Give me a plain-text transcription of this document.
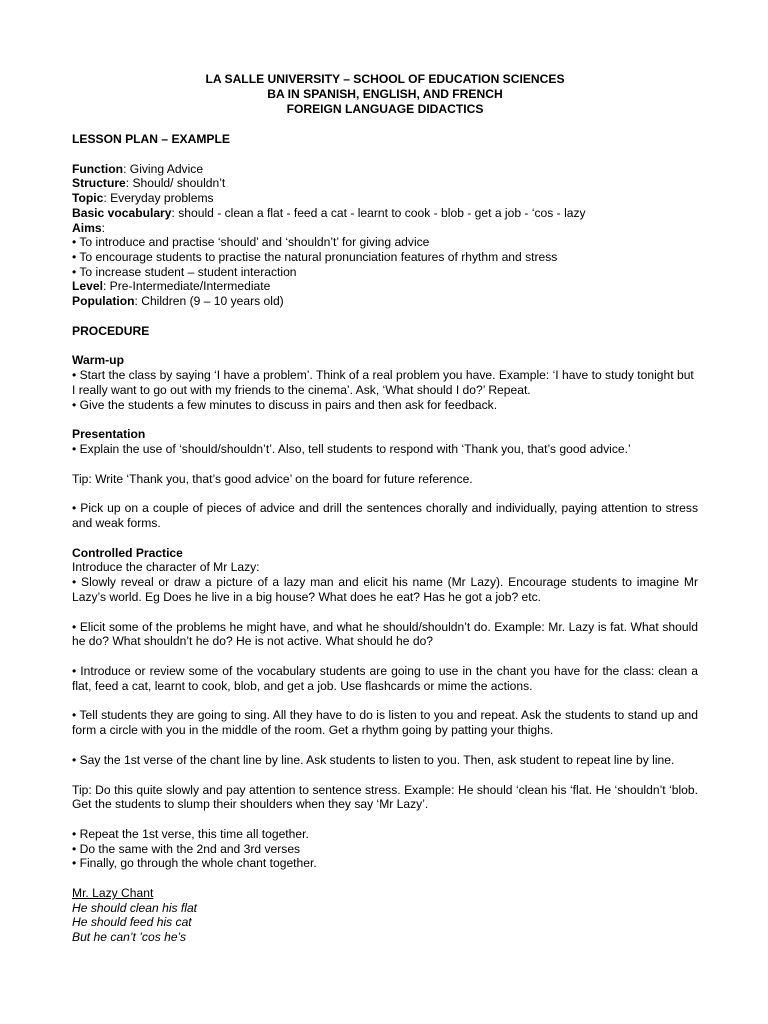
LA SALLE UNIVERSITY – SCHOOL OF EDUCATION SCIENCES
BA IN SPANISH, ENGLISH, AND FRENCH
FOREIGN LANGUAGE DIDACTICS

LESSON PLAN – EXAMPLE

Function: Giving Advice

Structure: Should/ shouldn’t

Topic: Everyday problems

Basic vocabulary: should - clean a flat - feed a cat - learnt to cook - blob - get a job - ‘cos - lazy

Aims:

• To introduce and practise ‘should’ and ‘shouldn’t’ for giving advice

• To encourage students to practise the natural pronunciation features of rhythm and stress

• To increase student – student interaction

Level: Pre-Intermediate/Intermediate

Population: Children (9 – 10 years old)

PROCEDURE

Warm-up

• Start the class by saying ‘I have a problem’. Think of a real problem you have. Example: ‘I have to study tonight but I really want to go out with my friends to the cinema’. Ask, ‘What should I do?’ Repeat.

• Give the students a few minutes to discuss in pairs and then ask for feedback.

Presentation

• Explain the use of ‘should/shouldn’t’. Also, tell students to respond with ‘Thank you, that’s good advice.’

Tip: Write ‘Thank you, that’s good advice’ on the board for future reference.

• Pick up on a couple of pieces of advice and drill the sentences chorally and individually, paying attention to stress and weak forms.

Controlled Practice

Introduce the character of Mr Lazy:

• Slowly reveal or draw a picture of a lazy man and elicit his name (Mr Lazy). Encourage students to imagine Mr Lazy’s world. Eg Does he live in a big house? What does he eat? Has he got a job? etc.

• Elicit some of the problems he might have, and what he should/shouldn’t do. Example: Mr. Lazy is fat. What should he do? What shouldn’t he do? He is not active. What should he do?

• Introduce or review some of the vocabulary students are going to use in the chant you have for the class: clean a flat, feed a cat, learnt to cook, blob, and get a job. Use flashcards or mime the actions.

• Tell students they are going to sing. All they have to do is listen to you and repeat. Ask the students to stand up and form a circle with you in the middle of the room. Get a rhythm going by patting your thighs.

• Say the 1st verse of the chant line by line. Ask students to listen to you. Then, ask student to repeat line by line.

Tip: Do this quite slowly and pay attention to sentence stress. Example: He should ‘clean his ‘flat. He ‘shouldn’t ‘blob. Get the students to slump their shoulders when they say ‘Mr Lazy’.

• Repeat the 1st verse, this time all together.

• Do the same with the 2nd and 3rd verses

• Finally, go through the whole chant together.

Mr. Lazy Chant

He should clean his flat

He should feed his cat

But he can’t ’cos he’s
